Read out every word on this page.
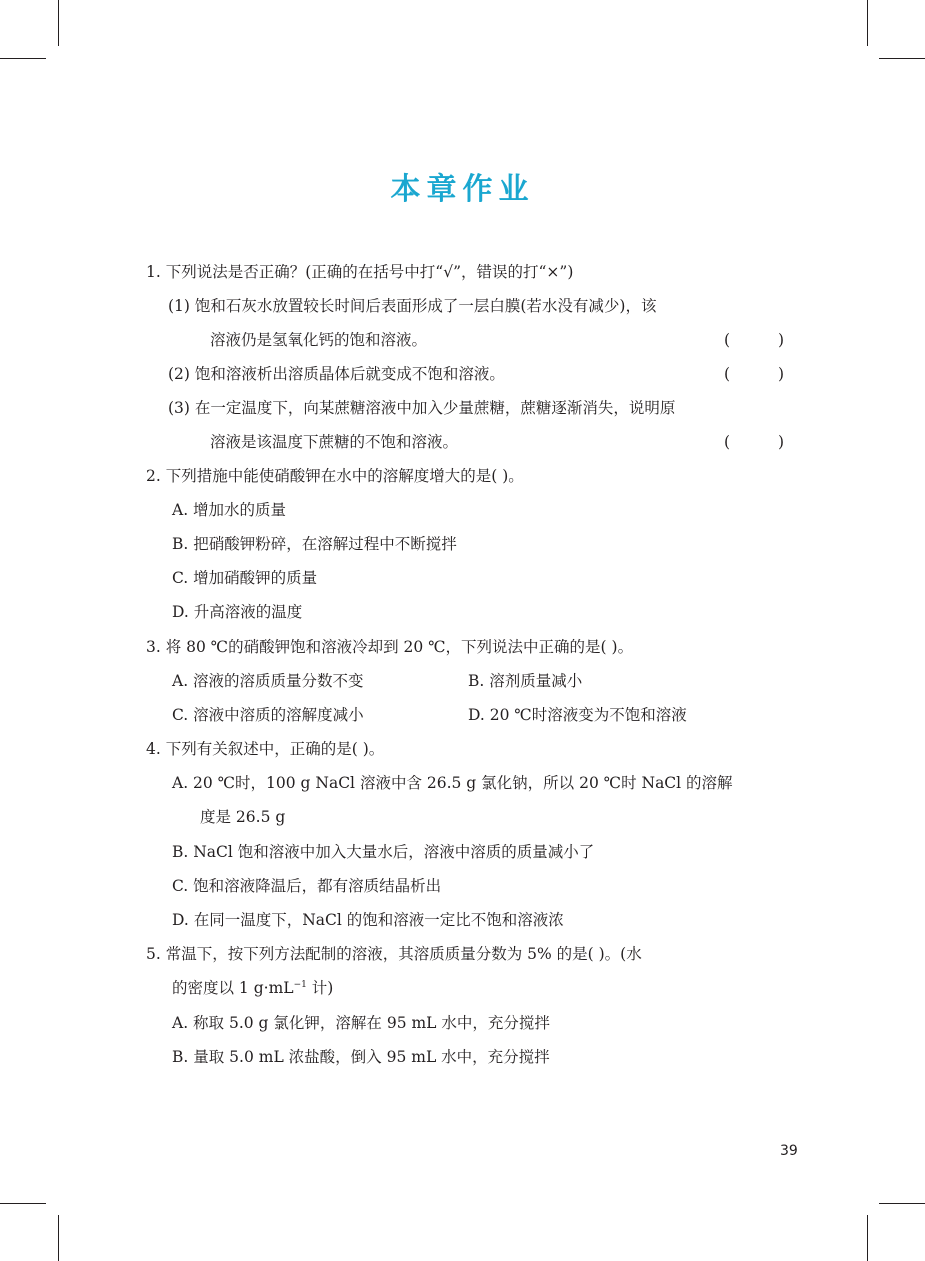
本章作业
1. 下列说法是否正确？(正确的在括号中打“√”，错误的打“×”)
(1) 饱和石灰水放置较长时间后表面形成了一层白膜(若水没有减少)，该
溶液仍是氢氧化钙的饱和溶液。	(	)
(2) 饱和溶液析出溶质晶体后就变成不饱和溶液。	(	)
(3) 在一定温度下，向某蔗糖溶液中加入少量蔗糖，蔗糖逐渐消失，说明原
溶液是该温度下蔗糖的不饱和溶液。	(	)
2. 下列措施中能使硝酸钾在水中的溶解度增大的是( )。
A. 增加水的质量
B. 把硝酸钾粉碎，在溶解过程中不断搅拌
C. 增加硝酸钾的质量
D. 升高溶液的温度
3. 将 80 ℃的硝酸钾饱和溶液冷却到 20 ℃，下列说法中正确的是( )。
A. 溶液的溶质质量分数不变	B. 溶剂质量减小
C. 溶液中溶质的溶解度减小	D. 20 ℃时溶液变为不饱和溶液
4. 下列有关叙述中，正确的是( )。
A. 20 ℃时，100 g NaCl 溶液中含 26.5 g 氯化钠，所以 20 ℃时 NaCl 的溶解
度是 26.5 g
B. NaCl 饱和溶液中加入大量水后，溶液中溶质的质量减小了
C. 饱和溶液降温后，都有溶质结晶析出
D. 在同一温度下，NaCl 的饱和溶液一定比不饱和溶液浓
5. 常温下，按下列方法配制的溶液，其溶质质量分数为 5% 的是( )。(水
的密度以 1 $g\cdot mL^{-1}$ 计)
A. 称取 5.0 g 氯化钾，溶解在 95 mL 水中，充分搅拌
B. 量取 5.0 mL 浓盐酸，倒入 95 mL 水中，充分搅拌
39
